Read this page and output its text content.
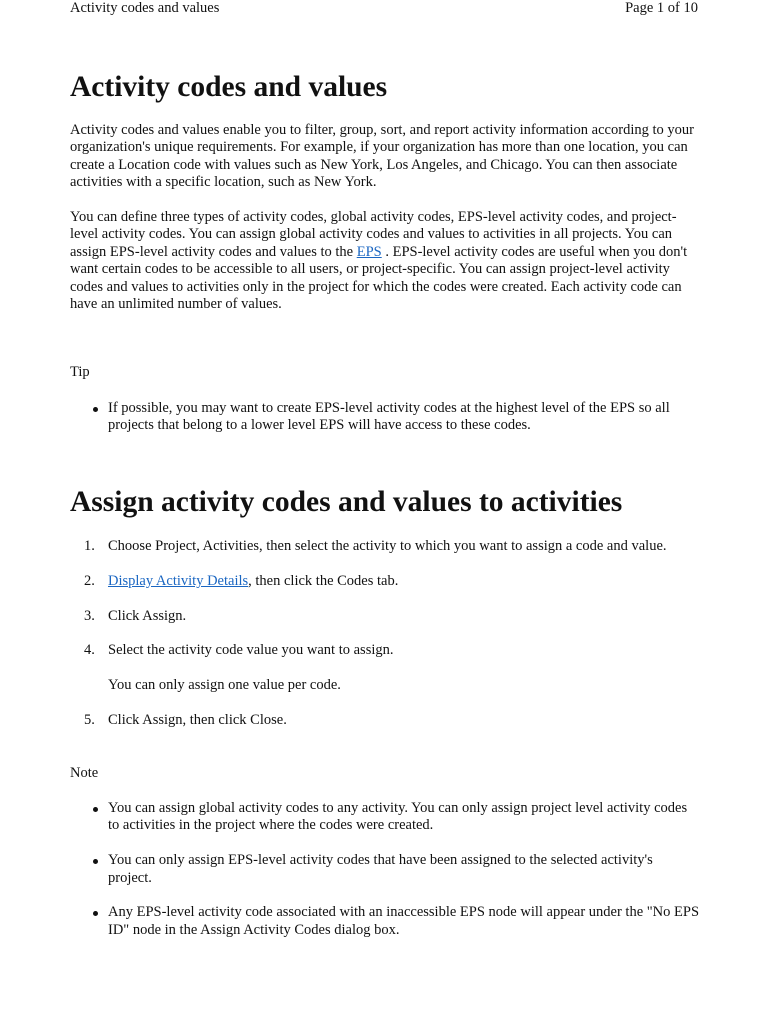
Activity codes and values	Page 1 of 10
Activity codes and values

Activity codes and values enable you to filter, group, sort, and report activity information according to your organization's unique requirements. For example, if your organization has more than one location, you can create a Location code with values such as New York, Los Angeles, and Chicago. You can then associate activities with a specific location, such as New York.

You can define three types of activity codes, global activity codes, EPS-level activity codes, and project-level activity codes. You can assign global activity codes and values to activities in all projects. You can assign EPS-level activity codes and values to the EPS . EPS-level activity codes are useful when you don't want certain codes to be accessible to all users, or project-specific. You can assign project-level activity codes and values to activities only in the project for which the codes were created. Each activity code can have an unlimited number of values.

Tip

If possible, you may want to create EPS-level activity codes at the highest level of the EPS so all projects that belong to a lower level EPS will have access to these codes.
Assign activity codes and values to activities
1. Choose Project, Activities, then select the activity to which you want to assign a code and value.
2. Display Activity Details, then click the Codes tab.
3. Click Assign.
4. Select the activity code value you want to assign.
You can only assign one value per code.
5. Click Assign, then click Close.

Note

You can assign global activity codes to any activity. You can only assign project level activity codes to activities in the project where the codes were created.
You can only assign EPS-level activity codes that have been assigned to the selected activity's project.
Any EPS-level activity code associated with an inaccessible EPS node will appear under the "No EPS ID" node in the Assign Activity Codes dialog box.
